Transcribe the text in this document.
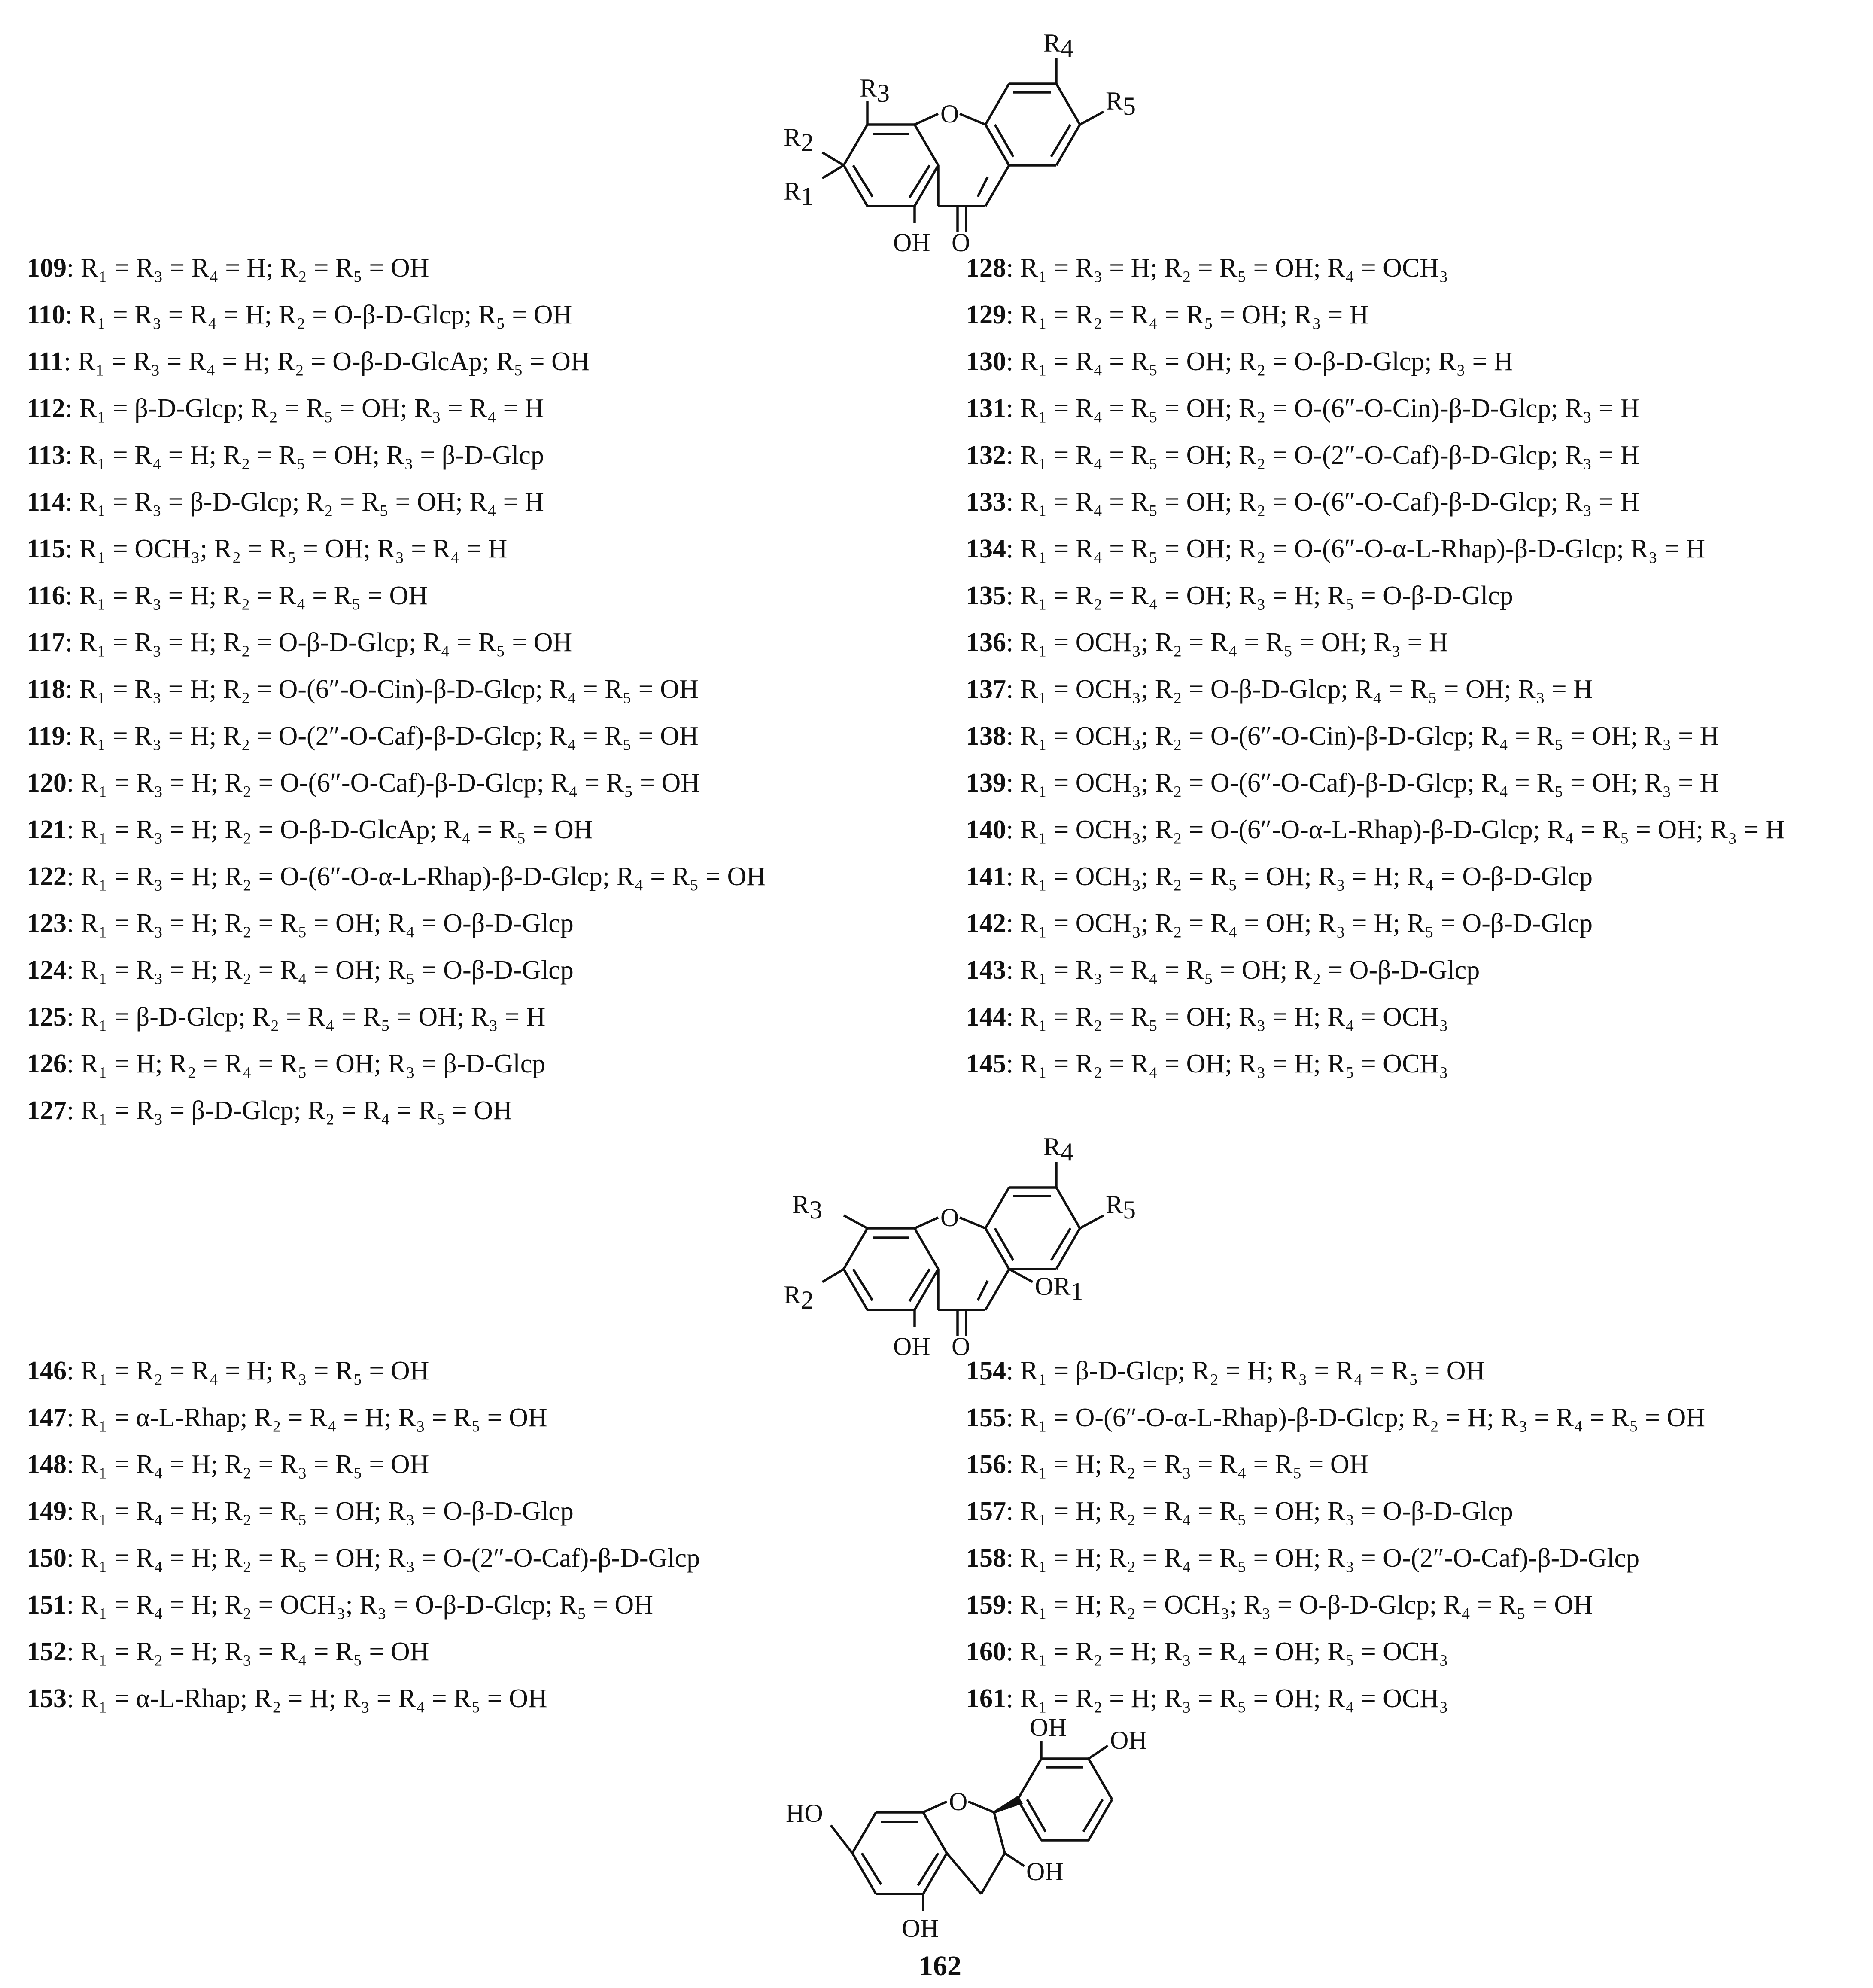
O
O
OH
R3
R2
R1
R4
R5
109: R₁ = R₃ = R₄ = H; R₂ = R₅ = OH
110: R₁ = R₃ = R₄ = H; R₂ = O-β-D-Glcp; R₅ = OH
111: R₁ = R₃ = R₄ = H; R₂ = O-β-D-GlcAp; R₅ = OH
112: R₁ = β-D-Glcp; R₂ = R₅ = OH; R₃ = R₄ = H
113: R₁ = R₄ = H; R₂ = R₅ = OH; R₃ = β-D-Glcp
114: R₁ = R₃ = β-D-Glcp; R₂ = R₅ = OH; R₄ = H
115: R₁ = OCH₃; R₂ = R₅ = OH; R₃ = R₄ = H
116: R₁ = R₃ = H; R₂ = R₄ = R₅ = OH
117: R₁ = R₃ = H; R₂ = O-β-D-Glcp; R₄ = R₅ = OH
118: R₁ = R₃ = H; R₂ = O-(6″-O-Cin)-β-D-Glcp; R₄ = R₅ = OH
119: R₁ = R₃ = H; R₂ = O-(2″-O-Caf)-β-D-Glcp; R₄ = R₅ = OH
120: R₁ = R₃ = H; R₂ = O-(6″-O-Caf)-β-D-Glcp; R₄ = R₅ = OH
121: R₁ = R₃ = H; R₂ = O-β-D-GlcAp; R₄ = R₅ = OH
122: R₁ = R₃ = H; R₂ = O-(6″-O-α-L-Rhap)-β-D-Glcp; R₄ = R₅ = OH
123: R₁ = R₃ = H; R₂ = R₅ = OH; R₄ = O-β-D-Glcp
124: R₁ = R₃ = H; R₂ = R₄ = OH; R₅ = O-β-D-Glcp
125: R₁ = β-D-Glcp; R₂ = R₄ = R₅ = OH; R₃ = H
126: R₁ = H; R₂ = R₄ = R₅ = OH; R₃ = β-D-Glcp
127: R₁ = R₃ = β-D-Glcp; R₂ = R₄ = R₅ = OH
128: R₁ = R₃ = H; R₂ = R₅ = OH; R₄ = OCH₃
129: R₁ = R₂ = R₄ = R₅ = OH; R₃ = H
130: R₁ = R₄ = R₅ = OH; R₂ = O-β-D-Glcp; R₃ = H
131: R₁ = R₄ = R₅ = OH; R₂ = O-(6″-O-Cin)-β-D-Glcp; R₃ = H
132: R₁ = R₄ = R₅ = OH; R₂ = O-(2″-O-Caf)-β-D-Glcp; R₃ = H
133: R₁ = R₄ = R₅ = OH; R₂ = O-(6″-O-Caf)-β-D-Glcp; R₃ = H
134: R₁ = R₄ = R₅ = OH; R₂ = O-(6″-O-α-L-Rhap)-β-D-Glcp; R₃ = H
135: R₁ = R₂ = R₄ = OH; R₃ = H; R₅ = O-β-D-Glcp
136: R₁ = OCH₃; R₂ = R₄ = R₅ = OH; R₃ = H
137: R₁ = OCH₃; R₂ = O-β-D-Glcp; R₄ = R₅ = OH; R₃ = H
138: R₁ = OCH₃; R₂ = O-(6″-O-Cin)-β-D-Glcp; R₄ = R₅ = OH; R₃ = H
139: R₁ = OCH₃; R₂ = O-(6″-O-Caf)-β-D-Glcp; R₄ = R₅ = OH; R₃ = H
140: R₁ = OCH₃; R₂ = O-(6″-O-α-L-Rhap)-β-D-Glcp; R₄ = R₅ = OH; R₃ = H
141: R₁ = OCH₃; R₂ = R₅ = OH; R₃ = H; R₄ = O-β-D-Glcp
142: R₁ = OCH₃; R₂ = R₄ = OH; R₃ = H; R₅ = O-β-D-Glcp
143: R₁ = R₃ = R₄ = R₅ = OH; R₂ = O-β-D-Glcp
144: R₁ = R₂ = R₅ = OH; R₃ = H; R₄ = OCH₃
145: R₁ = R₂ = R₄ = OH; R₃ = H; R₅ = OCH₃
O
O
OH
OR1
R3
R2
R4
R5
146: R₁ = R₂ = R₄ = H; R₃ = R₅ = OH
147: R₁ = α-L-Rhap; R₂ = R₄ = H; R₃ = R₅ = OH
148: R₁ = R₄ = H; R₂ = R₃ = R₅ = OH
149: R₁ = R₄ = H; R₂ = R₅ = OH; R₃ = O-β-D-Glcp
150: R₁ = R₄ = H; R₂ = R₅ = OH; R₃ = O-(2″-O-Caf)-β-D-Glcp
151: R₁ = R₄ = H; R₂ = OCH₃; R₃ = O-β-D-Glcp; R₅ = OH
152: R₁ = R₂ = H; R₃ = R₄ = R₅ = OH
153: R₁ = α-L-Rhap; R₂ = H; R₃ = R₄ = R₅ = OH
154: R₁ = β-D-Glcp; R₂ = H; R₃ = R₄ = R₅ = OH
155: R₁ = O-(6″-O-α-L-Rhap)-β-D-Glcp; R₂ = H; R₃ = R₄ = R₅ = OH
156: R₁ = H; R₂ = R₃ = R₄ = R₅ = OH
157: R₁ = H; R₂ = R₄ = R₅ = OH; R₃ = O-β-D-Glcp
158: R₁ = H; R₂ = R₄ = R₅ = OH; R₃ = O-(2″-O-Caf)-β-D-Glcp
159: R₁ = H; R₂ = OCH₃; R₃ = O-β-D-Glcp; R₄ = R₅ = OH
160: R₁ = R₂ = H; R₃ = R₄ = OH; R₅ = OCH₃
161: R₁ = R₂ = H; R₃ = R₅ = OH; R₄ = OCH₃
O
HO
OH
OH
OH OH
162
